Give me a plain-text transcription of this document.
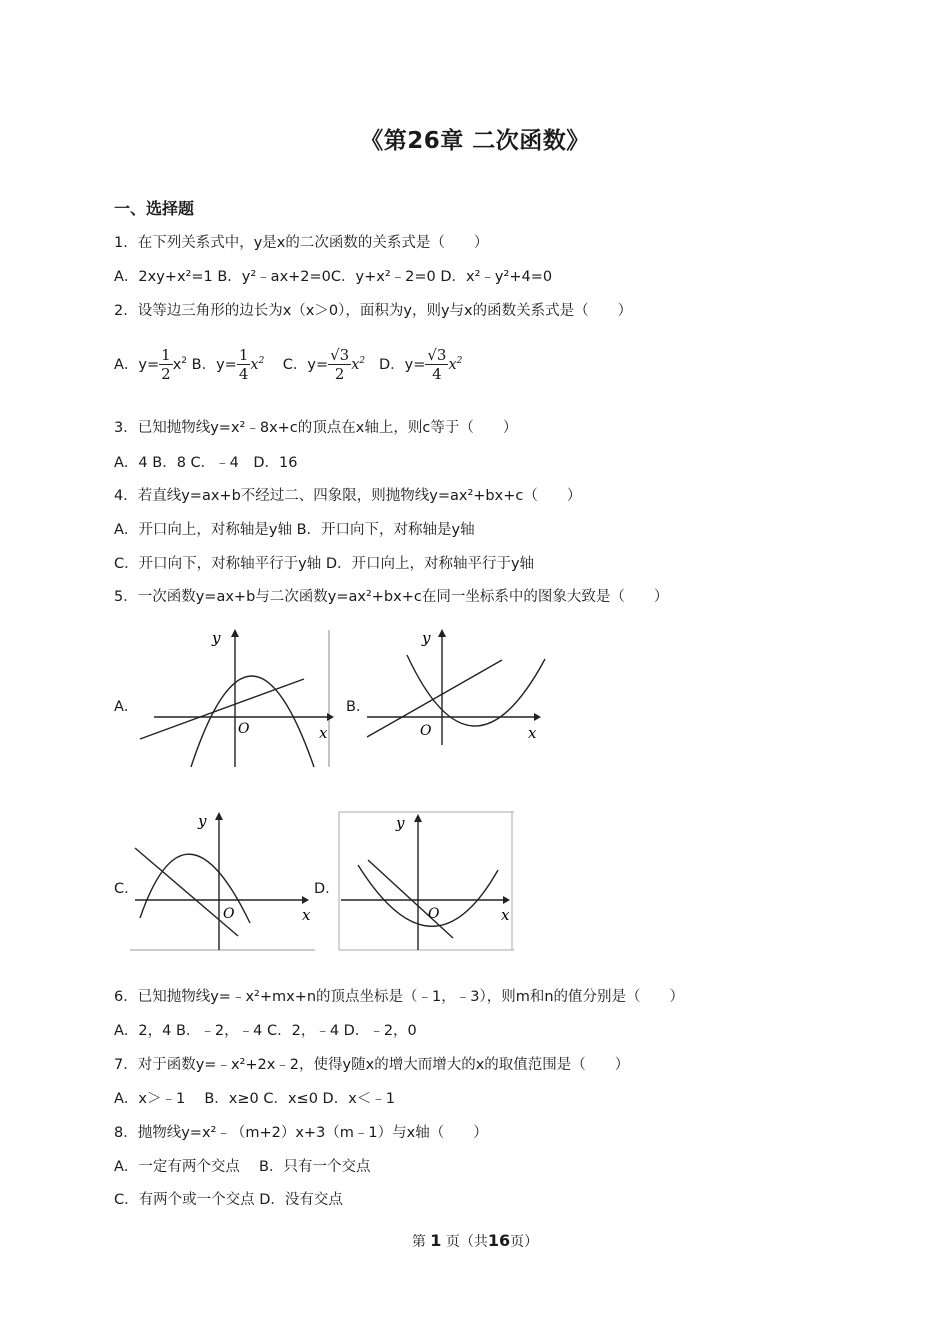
《第26章 二次函数》
一、选择题
1．在下列关系式中，y是x的二次函数的关系式是（　　）
A．2xy+x²=1 B．y²﹣ax+2=0C．y+x²﹣2=0 D．x²﹣y²+4=0
2．设等边三角形的边长为x（x＞0），面积为y，则y与x的函数关系式是（　　）
A．$y= \frac{1}{2} x^2$ B．$y= \frac{1}{4} x^2$ C．$y= \frac{√3}{2} x^2$ D．$y= \frac{√3}{4} x^2$
3．已知抛物线y=x²﹣8x+c的顶点在x轴上，则c等于（　　）
A．4 B．8 C．﹣4　D．16
4．若直线y=ax+b不经过二、四象限，则抛物线y=ax²+bx+c（　　）
A．开口向上，对称轴是y轴 B．开口向下，对称轴是y轴
C．开口向下，对称轴平行于y轴 D．开口向上，对称轴平行于y轴
5．一次函数y=ax+b与二次函数y=ax²+bx+c在同一坐标系中的图象大致是（　　）
A．
y
O	x
B．
y
O	x
C．
y
O	x
D．
y
O	x
6．已知抛物线y=﹣x²+mx+n的顶点坐标是（﹣1，﹣3），则m和n的值分别是（　　）
A．2，4 B．﹣2，﹣4 C．2，﹣4 D．﹣2，0
7．对于函数y=﹣x²+2x﹣2，使得y随x的增大而增大的x的取值范围是（　　）
A．x＞﹣1　 B．x≥0 C．x≤0 D．x＜﹣1
8．抛物线y=x²﹣（m+2）x+3（m﹣1）与x轴（　　）
A．一定有两个交点　 B．只有一个交点
C．有两个或一个交点 D．没有交点
第 1 页（共16页）
